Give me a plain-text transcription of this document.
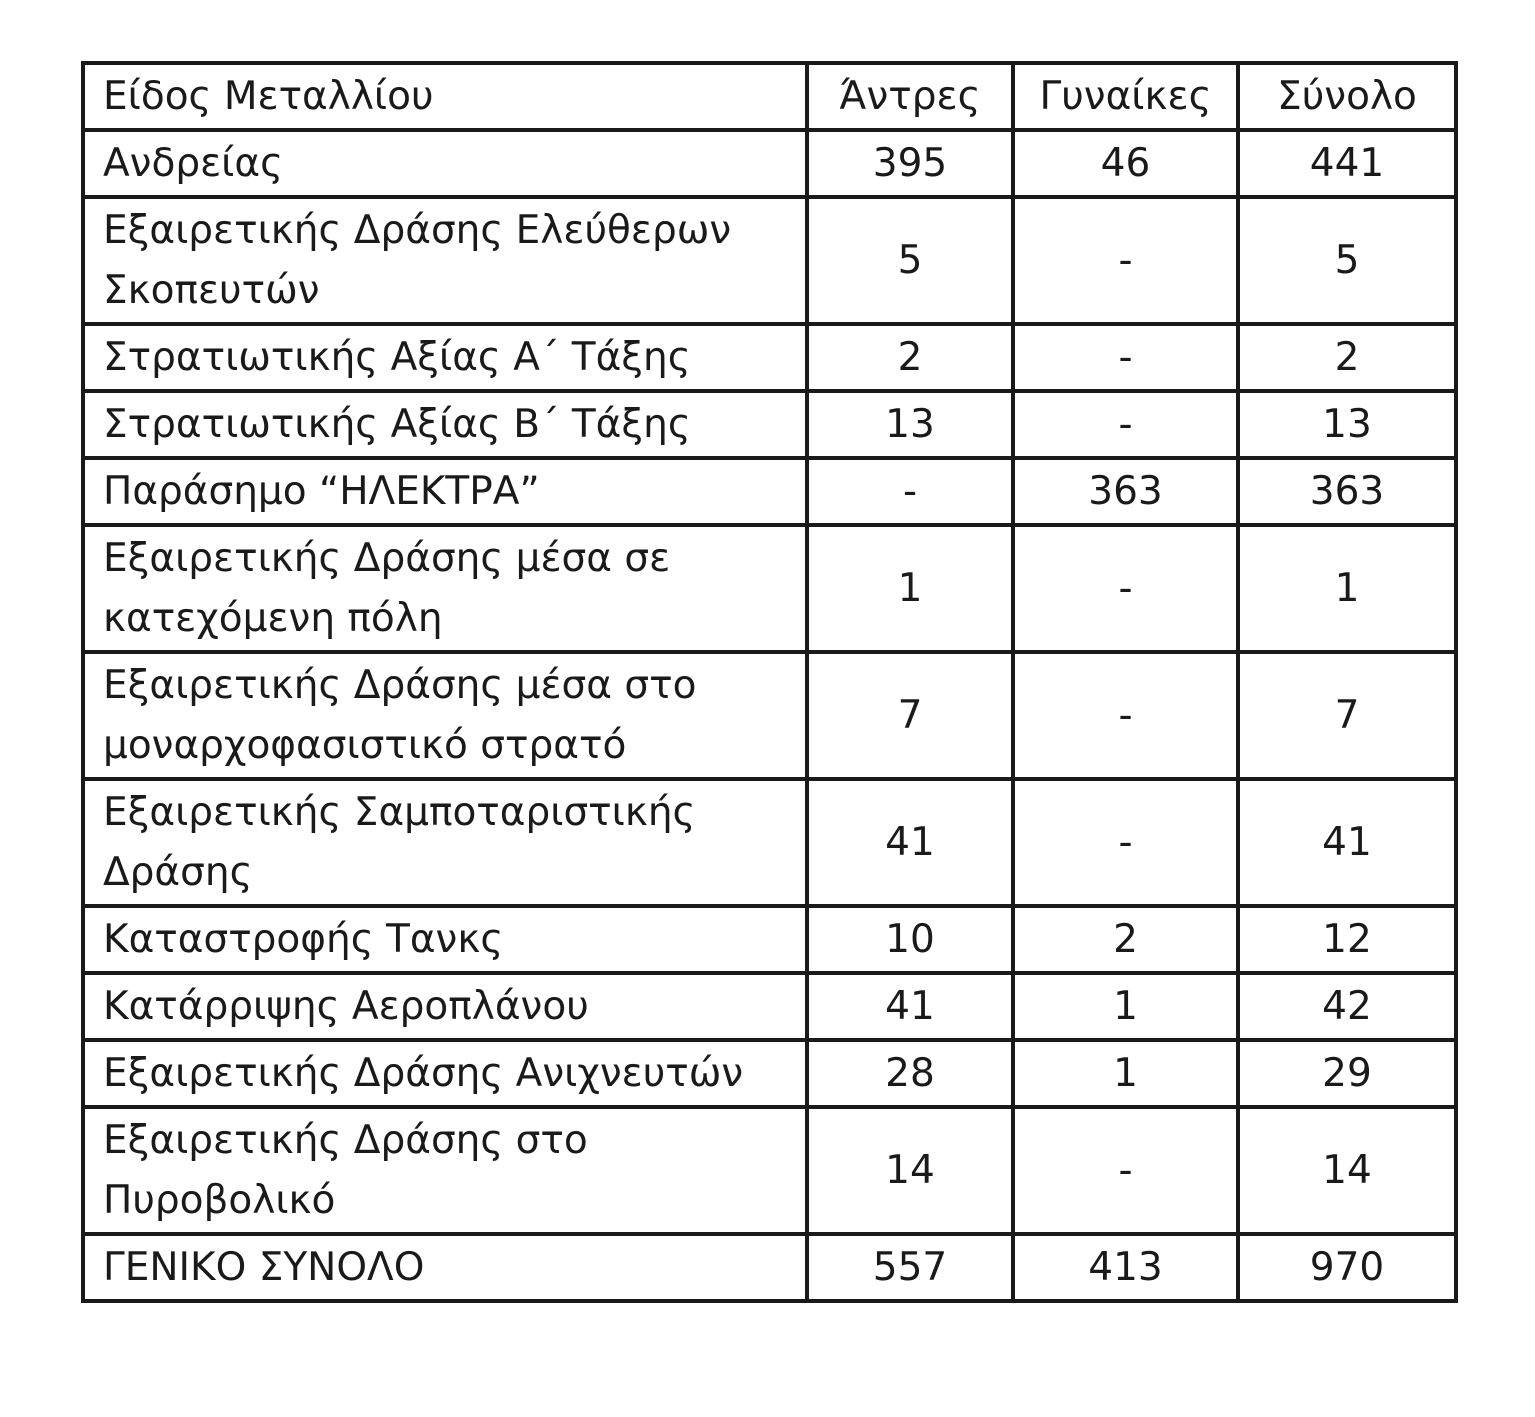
Είδος Μεταλλίου	Άντρες	Γυναίκες	Σύνολο
Ανδρείας	395	46	441
Εξαιρετικής Δράσης Ελεύθερων Σκοπευτών	5	-	5
Στρατιωτικής Αξίας Α΄ Τάξης	2	-	2
Στρατιωτικής Αξίας Β΄ Τάξης	13	-	13
Παράσημο “ΗΛΕΚΤΡΑ”	-	363	363
Εξαιρετικής Δράσης μέσα σε κατεχόμενη πόλη	1	-	1
Εξαιρετικής Δράσης μέσα στο μοναρχοφασιστικό στρατό	7	-	7
Εξαιρετικής Σαμποταριστικής Δράσης	41	-	41
Καταστροφής Τανκς	10	2	12
Κατάρριψης Αεροπλάνου	41	1	42
Εξαιρετικής Δράσης Ανιχνευτών	28	1	29
Εξαιρετικής Δράσης στο Πυροβολικό	14	-	14
ΓΕΝΙΚΟ ΣΥΝΟΛΟ	557	413	970
